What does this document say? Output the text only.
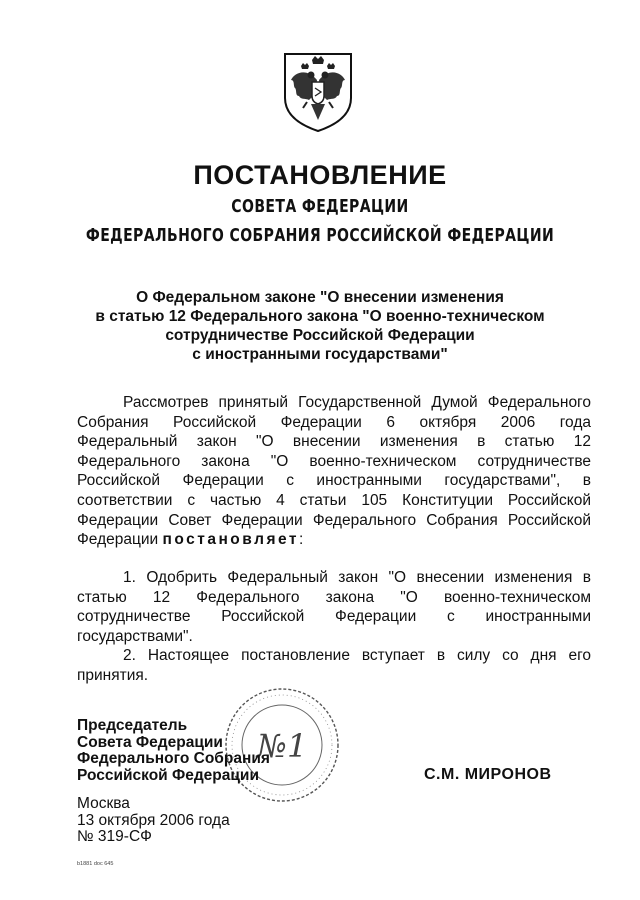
ПОСТАНОВЛЕНИЕ
СОВЕТА ФЕДЕРАЦИИ
ФЕДЕРАЛЬНОГО СОБРАНИЯ РОССИЙСКОЙ ФЕДЕРАЦИИ
О Федеральном законе "О внесении изменения
в статью 12 Федерального закона "О военно-техническом
сотрудничестве Российской Федерации
с иностранными государствами"
Рассмотрев принятый Государственной Думой Федерального
Собрания Российской Федерации 6 октября 2006 года
Федеральный закон "О внесении изменения в статью 12
Федерального закона "О военно-техническом сотрудничестве
Российской Федерации с иностранными государствами", в
соответствии с частью 4 статьи 105 Конституции Российской
Федерации Совет Федерации Федерального Собрания Российской
Федерации постановляет:
1. Одобрить Федеральный закон "О внесении изменения в
статью 12 Федерального закона "О военно-техническом
сотрудничестве Российской Федерации с иностранными
государствами".
2. Настоящее постановление вступает в силу со дня его
принятия.
№1
Председатель
Совета Федерации
Федерального Собрания
Российской Федерации	С.М. МИРОНОВ
Москва
13 октября 2006 года
№ 319-СФ
b1881 doc 645
